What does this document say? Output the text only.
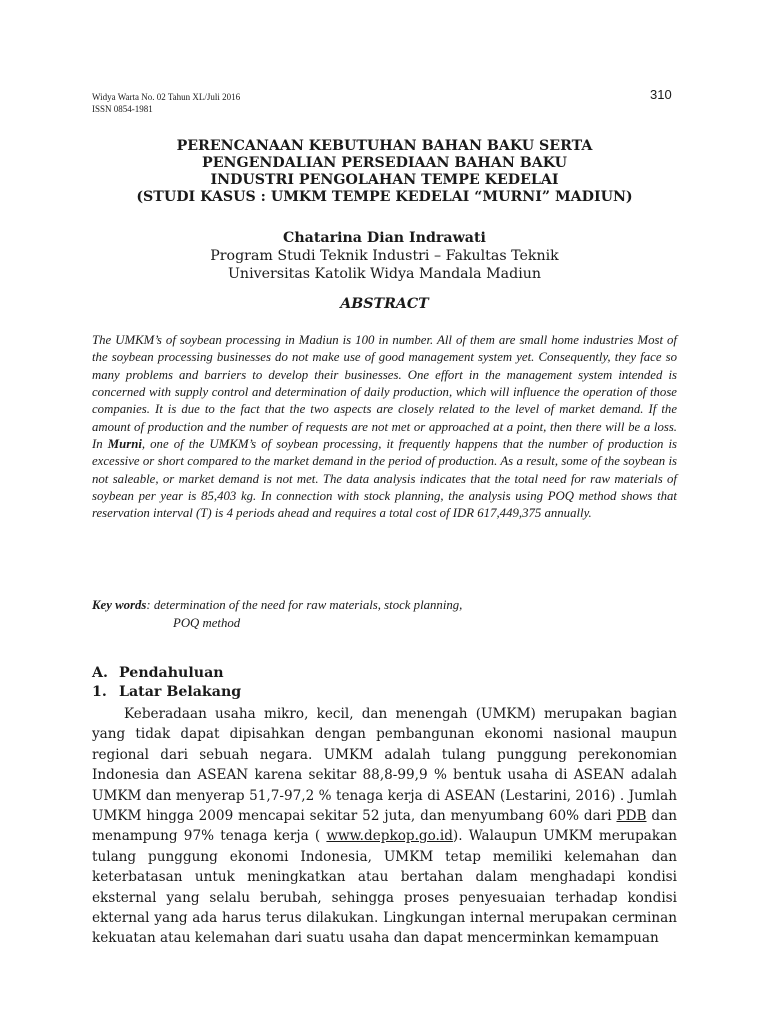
Widya Warta No. 02 Tahun XL/Juli 2016
ISSN 0854-1981
310
PERENCANAAN KEBUTUHAN BAHAN BAKU SERTA
PENGENDALIAN PERSEDIAAN BAHAN BAKU
INDUSTRI PENGOLAHAN TEMPE KEDELAI
(STUDI KASUS : UMKM TEMPE KEDELAI “MURNI” MADIUN)
Chatarina Dian Indrawati
Program Studi Teknik Industri – Fakultas Teknik
Universitas Katolik Widya Mandala Madiun
ABSTRACT
The UMKM’s of soybean processing in Madiun is 100 in number. All of them are small home industries Most of the soybean processing businesses do not make use of good management system yet. Consequently, they face so many problems and barriers to develop their businesses. One effort in the management system intended is concerned with supply control and determination of daily production, which will influence the operation of those companies. It is due to the fact that the two aspects are closely related to the level of market demand. If the amount of production and the number of requests are not met or approached at a point, then there will be a loss. In Murni, one of the UMKM’s of soybean processing, it frequently happens that the number of production is excessive or short compared to the market demand in the period of production. As a result, some of the soybean is not saleable, or market demand is not met. The data analysis indicates that the total need for raw materials of soybean per year is 85,403 kg. In connection with stock planning, the analysis using POQ method shows that reservation interval (T) is 4 periods ahead and requires a total cost of IDR 617,449,375 annually.
Key words: determination of the need for raw materials, stock planning,
POQ method
A. Pendahuluan
1. Latar Belakang
Keberadaan usaha mikro, kecil, dan menengah (UMKM) merupakan bagian yang tidak dapat dipisahkan dengan pembangunan ekonomi nasional maupun regional dari sebuah negara. UMKM adalah tulang punggung perekonomian Indonesia dan ASEAN karena sekitar 88,8-99,9 % bentuk usaha di ASEAN adalah UMKM dan menyerap 51,7-97,2 % tenaga kerja di ASEAN (Lestarini, 2016) . Jumlah UMKM hingga 2009 mencapai sekitar 52 juta, dan menyumbang 60% dari PDB dan menampung 97% tenaga kerja ( www.depkop.go.id). Walaupun UMKM merupakan tulang punggung ekonomi Indonesia, UMKM tetap memiliki kelemahan dan keterbatasan untuk meningkatkan atau bertahan dalam menghadapi kondisi eksternal yang selalu berubah, sehingga proses penyesuaian terhadap kondisi ekternal yang ada harus terus dilakukan. Lingkungan internal merupakan cerminan kekuatan atau kelemahan dari suatu usaha dan dapat mencerminkan kemampuan
